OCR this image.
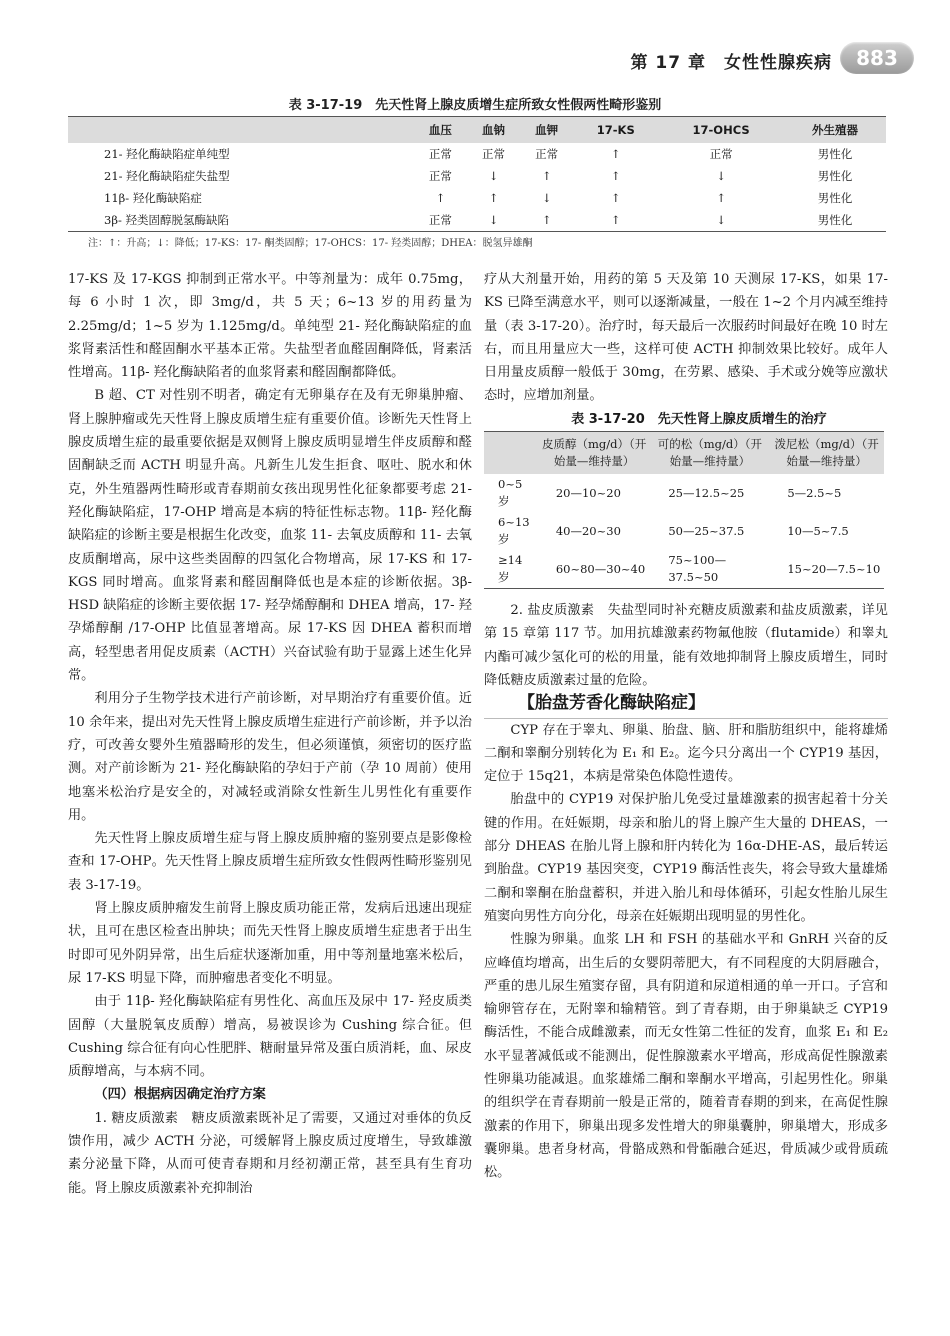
第 17 章　女性性腺疾病	883
表 3-17-19　先天性肾上腺皮质增生症所致女性假两性畸形鉴别
	血压	血钠	血钾	17-KS	17-OHCS	外生殖器
21- 羟化酶缺陷症单纯型	正常	正常	正常	↑	正常	男性化
21- 羟化酶缺陷症失盐型	正常	↓	↑	↑	↓	男性化
11β- 羟化酶缺陷症	↑	↑	↓	↑	↑	男性化
3β- 羟类固醇脱氢酶缺陷	正常	↓	↑	↑	↓	男性化
注：↑：升高；↓：降低；17-KS：17- 酮类固醇；17-OHCS：17- 羟类固醇；DHEA：脱氢异雄酮

17-KS 及 17-KGS 抑制到正常水平。中等剂量为：成年 0.75mg，每 6 小时 1 次，即 3mg/d，共 5 天；6~13 岁的用药量为 2.25mg/d；1~5 岁为 1.125mg/d。单纯型 21- 羟化酶缺陷症的血浆肾素活性和醛固酮水平基本正常。失盐型者血醛固酮降低，肾素活性增高。11β- 羟化酶缺陷者的血浆肾素和醛固酮都降低。

B 超、CT 对性别不明者，确定有无卵巢存在及有无卵巢肿瘤、肾上腺肿瘤或先天性肾上腺皮质增生症有重要价值。诊断先天性肾上腺皮质增生症的最重要依据是双侧肾上腺皮质明显增生伴皮质醇和醛固酮缺乏而 ACTH 明显升高。凡新生儿发生拒食、呕吐、脱水和休克，外生殖器两性畸形或青春期前女孩出现男性化征象都要考虑 21- 羟化酶缺陷症，17-OHP 增高是本病的特征性标志物。11β- 羟化酶缺陷症的诊断主要是根据生化改变，血浆 11- 去氧皮质醇和 11- 去氧皮质酮增高，尿中这些类固醇的四氢化合物增高，尿 17-KS 和 17-KGS 同时增高。血浆肾素和醛固酮降低也是本症的诊断依据。3β-HSD 缺陷症的诊断主要依据 17- 羟孕烯醇酮和 DHEA 增高，17- 羟孕烯醇酮 /17-OHP 比值显著增高。尿 17-KS 因 DHEA 蓄积而增高，轻型患者用促皮质素（ACTH）兴奋试验有助于显露上述生化异常。

利用分子生物学技术进行产前诊断，对早期治疗有重要价值。近 10 余年来，提出对先天性肾上腺皮质增生症进行产前诊断，并予以治疗，可改善女婴外生殖器畸形的发生，但必须谨慎，须密切的医疗监测。对产前诊断为 21- 羟化酶缺陷的孕妇于产前（孕 10 周前）使用地塞米松治疗是安全的，对减轻或消除女性新生儿男性化有重要作用。

先天性肾上腺皮质增生症与肾上腺皮质肿瘤的鉴别要点是影像检查和 17-OHP。先天性肾上腺皮质增生症所致女性假两性畸形鉴别见表 3-17-19。

肾上腺皮质肿瘤发生前肾上腺皮质功能正常，发病后迅速出现症状，且可在患区检查出肿块；而先天性肾上腺皮质增生症患者于出生时即可见外阴异常，出生后症状逐渐加重，用中等剂量地塞米松后，尿 17-KS 明显下降，而肿瘤患者变化不明显。

由于 11β- 羟化酶缺陷症有男性化、高血压及尿中 17- 羟皮质类固醇（大量脱氧皮质醇）增高，易被误诊为 Cushing 综合征。但 Cushing 综合征有向心性肥胖、糖耐量异常及蛋白质消耗，血、尿皮质醇增高，与本病不同。

（四）根据病因确定治疗方案

1. 糖皮质激素　糖皮质激素既补足了需要，又通过对垂体的负反馈作用，减少 ACTH 分泌，可缓解肾上腺皮质过度增生，导致雄激素分泌量下降，从而可使青春期和月经初潮正常，甚至具有生育功能。肾上腺皮质激素补充抑制治

疗从大剂量开始，用药的第 5 天及第 10 天测尿 17-KS，如果 17-KS 已降至满意水平，则可以逐渐减量，一般在 1~2 个月内减至维持量（表 3-17-20）。治疗时，每天最后一次服药时间最好在晚 10 时左右，而且用量应大一些，这样可使 ACTH 抑制效果比较好。成年人日用量皮质醇一般低于 30mg，在劳累、感染、手术或分娩等应激状态时，应增加剂量。

表 3-17-20　先天性肾上腺皮质增生的治疗

	皮质醇（mg/d）（开始量—维持量）	可的松（mg/d）（开始量—维持量）	泼尼松（mg/d）（开始量—维持量）
0~5 岁	20—10~20	25—12.5~25	5—2.5~5
6~13 岁	40—20~30	50—25~37.5	10—5~7.5
≥14 岁	60~80—30~40	75~100—37.5~50	15~20—7.5~10

2. 盐皮质激素　失盐型同时补充糖皮质激素和盐皮质激素，详见第 15 章第 117 节。加用抗雄激素药物氟他胺（flutamide）和睾丸内酯可减少氢化可的松的用量，能有效地抑制肾上腺皮质增生，同时降低糖皮质激素过量的危险。

【胎盘芳香化酶缺陷症】

CYP 存在于睾丸、卵巢、胎盘、脑、肝和脂肪组织中，能将雄烯二酮和睾酮分别转化为 E₁ 和 E₂。迄今只分离出一个 CYP19 基因，定位于 15q21，本病是常染色体隐性遗传。

胎盘中的 CYP19 对保护胎儿免受过量雄激素的损害起着十分关键的作用。在妊娠期，母亲和胎儿的肾上腺产生大量的 DHEAS，一部分 DHEAS 在胎儿肾上腺和肝内转化为 16α-DHE-AS，最后转运到胎盘。CYP19 基因突变，CYP19 酶活性丧失，将会导致大量雄烯二酮和睾酮在胎盘蓄积，并进入胎儿和母体循环，引起女性胎儿尿生殖窦向男性方向分化，母亲在妊娠期出现明显的男性化。

性腺为卵巢。血浆 LH 和 FSH 的基础水平和 GnRH 兴奋的反应峰值均增高，出生后的女婴阴蒂肥大，有不同程度的大阴唇融合，严重的患儿尿生殖窦存留，具有阴道和尿道相通的单一开口。子宫和输卵管存在，无附睾和输精管。到了青春期，由于卵巢缺乏 CYP19 酶活性，不能合成雌激素，而无女性第二性征的发育，血浆 E₁ 和 E₂ 水平显著减低或不能测出，促性腺激素水平增高，形成高促性腺激素性卵巢功能减退。血浆雄烯二酮和睾酮水平增高，引起男性化。卵巢的组织学在青春期前一般是正常的，随着青春期的到来，在高促性腺激素的作用下，卵巢出现多发性增大的卵巢囊肿，卵巢增大，形成多囊卵巢。患者身材高，骨骼成熟和骨骺融合延迟，骨质减少或骨质疏松。
